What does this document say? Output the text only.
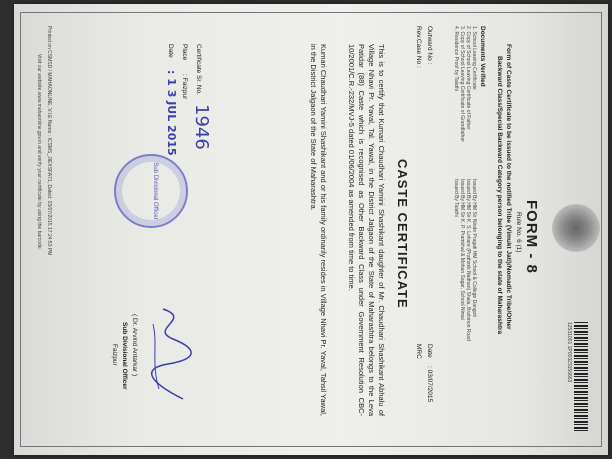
12531001 1P00323156663
FORM - 8
Rule No. 6 (1)
Form of Caste Certificate to be issued to the notified Tribe (Vimukt Jati)/Nomadic Tribe/Other
Backward Class/Special Backward Category person belonging to the state of Maharashtra
Documents Verified
1. School Leaving Certificate
2. Copy of School Leaving Certificate of Father
3. Copy of School Leaving Certificate of Grandfather
4. Residence Proof by Talathi
Issued By HM Sir Ninde Pragati HM School & College Dangoti
Issued By HM Sir K. S. Lohare (Prathmik Nadhan) Shala, Brahmon Road
Issued By HM Sir K. P. Pramkhal & Mohan Sagar, School Nimai
Issued By Talathi
Outward No :
Rev.Case No :
Date
: 03/07/2015
MRC
CASTE CERTIFICATE
This is to certify that Kumari Chaudhari Yamini Shashikant daughter of Mr. Chaudhari Shashikant Abhalu of Village Nhavi Pr. Yaval, Tal. Yawal, in the District Jalgaon of the State of Maharashtra belongs to the Leva Patidar (88) Caste which is recognised as Other Backward Class under Government Resolution CBC-10/2001/C.R.-232/MVJ-5 dated 01/06/2004 as amended from time to time.
Kumari Chaudhari Yamini Shashikant and or his family ordinarily resides in Village Nhavi Pr. Yaval, Tahsil Yawal, in the District Jalgaon of the State of Maharashtra.
Certificate Sr. No.
1946
Place
: Faizpur
Date
: 1 3 JUL 2015
Sub Divisional Officer
( Dr. Arvind Antarkar )
Sub Divisional Officer
Faizpur
Printed on CSMSD / MAHAONLINE, V.I.E Name : ICSMS_JIEXSFA71, Dated: 03/07/2015 17:24:53 PM
Visit our website www.mahaonline.gov.in and verify your certificate by using the barcode.
